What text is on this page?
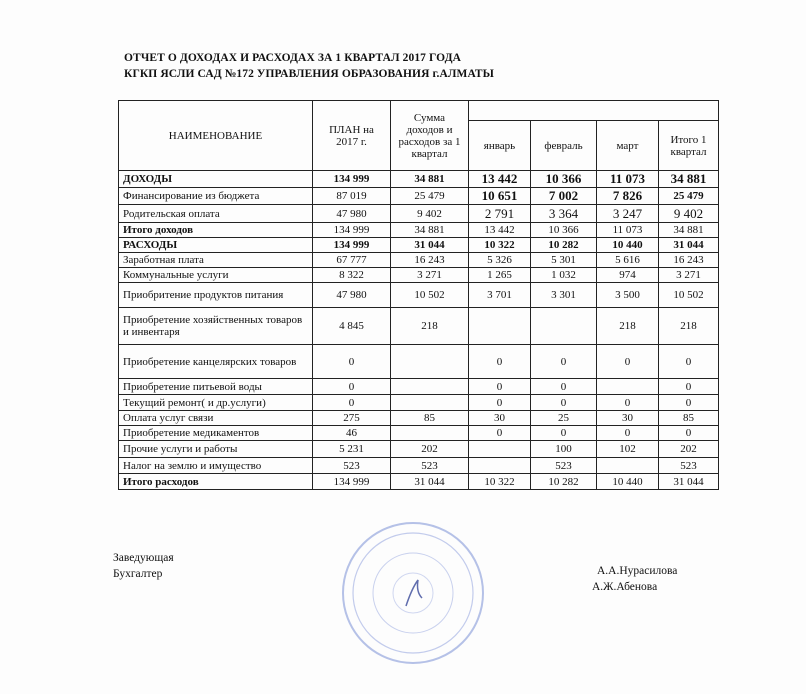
ОТЧЕТ О ДОХОДАХ И РАСХОДАХ ЗА 1 КВАРТАЛ 2017 ГОДА
КГКП ЯСЛИ САД №172 УПРАВЛЕНИЯ ОБРАЗОВАНИЯ г.АЛМАТЫ
НАИМЕНОВАНИЕ	ПЛАН на 2017 г.	Сумма доходов и расходов за 1 квартал				
			январь	февраль	март	Итого 1 квартал
ДОХОДЫ	134 999	34 881	13 442	10 366	11 073	34 881
Финансирование из бюджета	87 019	25 479	10 651	7 002	7 826	25 479
Родительская оплата	47 980	9 402	2 791	3 364	3 247	9 402
Итого доходов	134 999	34 881	13 442	10 366	11 073	34 881
РАСХОДЫ	134 999	31 044	10 322	10 282	10 440	31 044
Заработная плата	67 777	16 243	5 326	5 301	5 616	16 243
Коммунальные услуги	8 322	3 271	1 265	1 032	974	3 271
Приобритение продуктов питания	47 980	10 502	3 701	3 301	3 500	10 502
Приобретение хозяйственных товаров и инвентаря	4 845	218			218	218
Приобретение канцелярских товаров	0		0	0	0	0
Приобретение питьевой воды	0		0	0		0
Текущий ремонт( и др.услуги)	0		0	0	0	0
Оплата услуг связи	275	85	30	25	30	85
Приобретение медикаментов	46		0	0	0	0
Прочие услуги и работы	5 231	202		100	102	202
Налог на землю и имущество	523	523		523		523
Итого расходов	134 999	31 044	10 322	10 282	10 440	31 044
Заведующая
Бухгалтер	А.А.Нурасилова
А.Ж.Абенова
